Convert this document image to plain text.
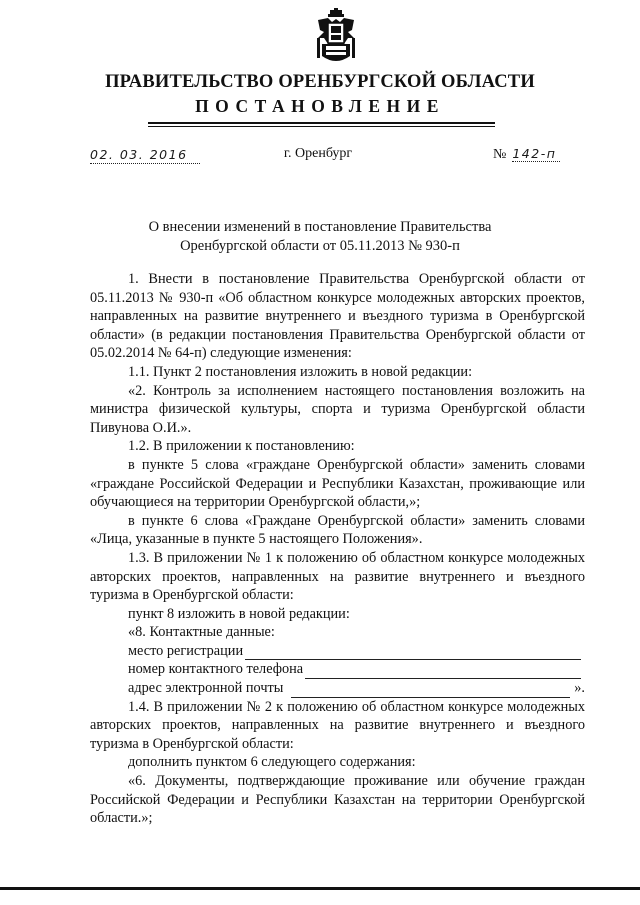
ПРАВИТЕЛЬСТВО ОРЕНБУРГСКОЙ ОБЛАСТИ
ПОСТАНОВЛЕНИЕ
02. 03. 2016	г. Оренбург	№ 142-п
О внесении изменений в постановление Правительства
Оренбургской области от 05.11.2013 № 930-п

1. Внести в постановление Правительства Оренбургской области от 05.11.2013 № 930-п «Об областном конкурсе молодежных авторских проектов, направленных на развитие внутреннего и въездного туризма в Оренбургской области» (в редакции постановления Правительства Оренбургской области от 05.02.2014 № 64-п) следующие изменения:

1.1. Пункт 2 постановления изложить в новой редакции:

«2. Контроль за исполнением настоящего постановления возложить на министра физической культуры, спорта и туризма Оренбургской области Пивунова О.И.».

1.2. В приложении к постановлению:

в пункте 5 слова «граждане Оренбургской области» заменить словами «граждане Российской Федерации и Республики Казахстан, проживающие или обучающиеся на территории Оренбургской области,»;

в пункте 6 слова «Граждане Оренбургской области» заменить словами «Лица, указанные в пункте 5 настоящего Положения».

1.3. В приложении № 1 к положению об областном конкурсе молодежных авторских проектов, направленных на развитие внутреннего и въездного туризма в Оренбургской области:

пункт 8 изложить в новой редакции:

«8. Контактные данные:

место регистрации
номер контактного телефона
адрес электронной почты	».

1.4. В приложении № 2 к положению об областном конкурсе молодежных авторских проектов, направленных на развитие внутреннего и въездного туризма в Оренбургской области:

дополнить пунктом 6 следующего содержания:

«6. Документы, подтверждающие проживание или обучение граждан Российской Федерации и Республики Казахстан на территории Оренбургской области.»;
